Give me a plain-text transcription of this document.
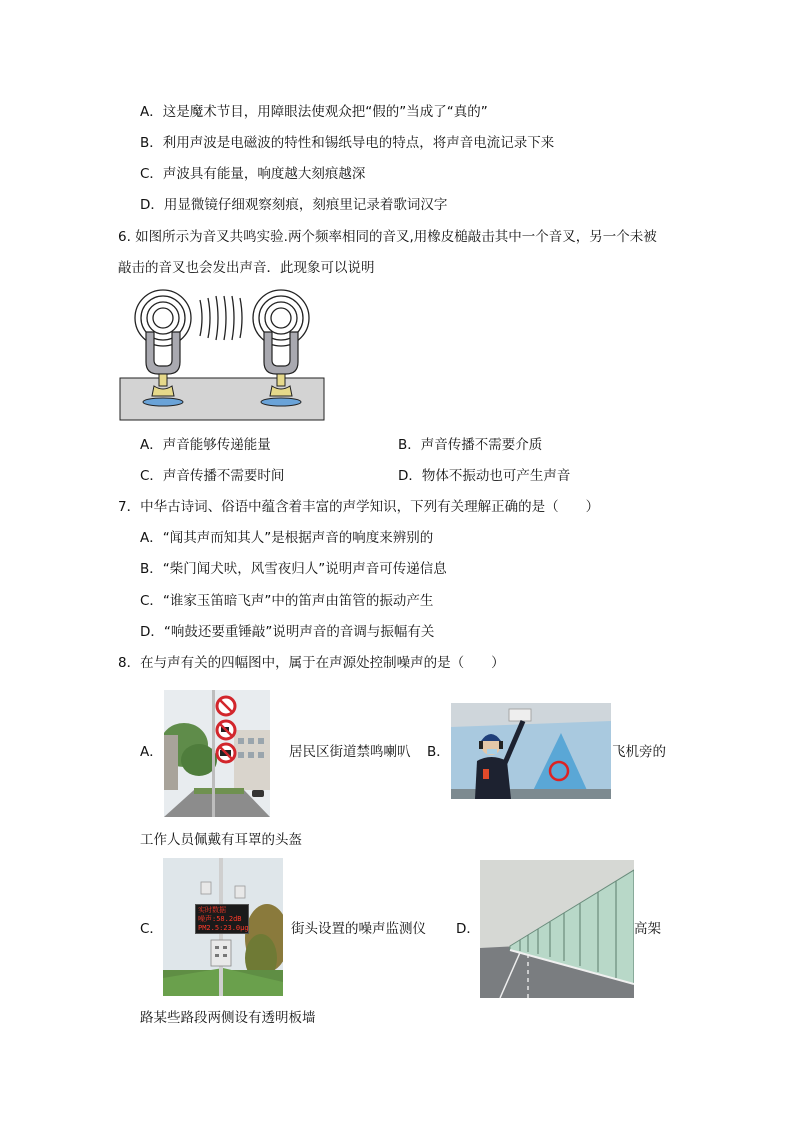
A．这是魔术节目，用障眼法使观众把“假的”当成了“真的”
B．利用声波是电磁波的特性和锡纸导电的特点，将声音电流记录下来
C．声波具有能量，响度越大刻痕越深
D．用显微镜仔细观察刻痕，刻痕里记录着歌词汉字
6. 如图所示为音叉共鸣实验.两个频率相同的音叉,用橡皮槌敲击其中一个音叉，另一个未被
敲击的音叉也会发出声音．此现象可以说明
A．声音能够传递能量	B．声音传播不需要介质
C．声音传播不需要时间	D．物体不振动也可产生声音
7．中华古诗词、俗语中蕴含着丰富的声学知识，下列有关理解正确的是（　　）
A．“闻其声而知其人”是根据声音的响度来辨别的
B．“柴门闻犬吠，风雪夜归人”说明声音可传递信息
C．“谁家玉笛暗飞声”中的笛声由笛管的振动产生
D．“响鼓还要重锤敲”说明声音的音调与振幅有关
8．在与声有关的四幅图中，属于在声源处控制噪声的是（　　）
A．	居民区街道禁鸣喇叭 B．	飞机旁的
工作人员佩戴有耳罩的头盔
C．
实时数据
噪声:58.2dB
PM2.5:23.0μg	街头设置的噪声监测仪 D．	高架
路某些路段两侧设有透明板墙
